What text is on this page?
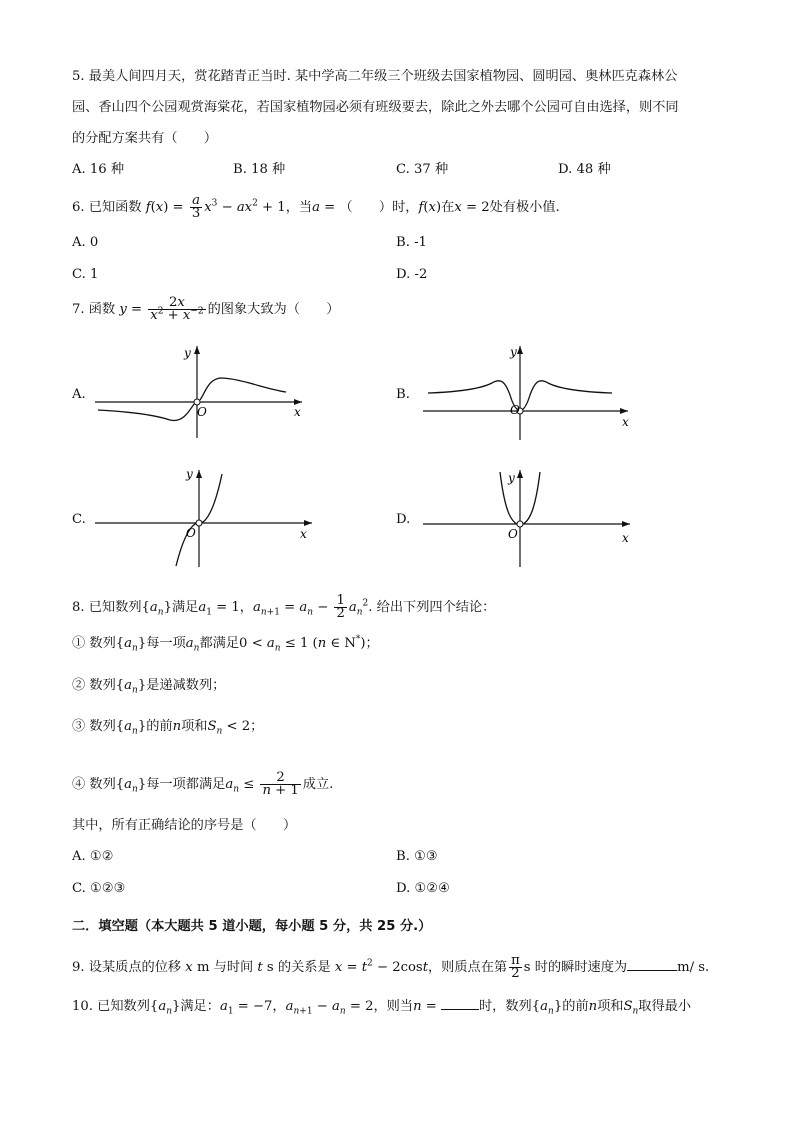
5. 最美人间四月天，赏花踏青正当时. 某中学高二年级三个班级去国家植物园、圆明园、奥林匹克森林公
园、香山四个公园观赏海棠花，若国家植物园必须有班级要去，除此之外去哪个公园可自由选择，则不同
的分配方案共有（　　）
A. 16 种	B. 18 种	C. 37 种	D. 48 种
6. 已知函数 $f(x) = \frac{a}{3} x^3 - ax^2 + 1$，当a = （　　）时，f(x)在x = 2处有极小值.
A. 0	B. -1
C. 1	D. -2
7. 函数 $y = \frac{2x}{x^2 + x^{-2}}$ 的图象大致为（　　）
A.
O	x
y
B.
O
x
y
C.
O	x
y
D.
O	x
y
8. 已知数列$\{a_n\}$满足$a_1 = 1$，$a_{n+1} = a_n - \frac{1}{2} a_n^2$. 给出下列四个结论：
① 数列$\{a_n\}$每一项$a_n$都满足$0 < a_n \le 1$ (n ∈ N*)；
② 数列$\{a_n\}$是递减数列；
③ 数列$\{a_n\}$的前n项和$S_n < 2$；
④ 数列$\{a_n\}$每一项都满足$a_n \le \frac{2}{n + 1}$ 成立.
其中，所有正确结论的序号是（　　）
A. ①②	B. ①③
C. ①②③	D. ①②④
二．填空题（本大题共 5 道小题，每小题 5 分，共 25 分.）
9. 设某质点的位移 x m 与时间 t s 的关系是 $x = t^2 - 2\cos t$，则质点在第 $\frac{\pi}{2}$ s 时的瞬时速度为	m/ s.
10. 已知数列$\{a_n\}$满足：$a_1 = -7$，$a_{n+1} - a_n = 2$，则当n =	时，数列$\{a_n\}$的前n项和$S_n$取得最小
